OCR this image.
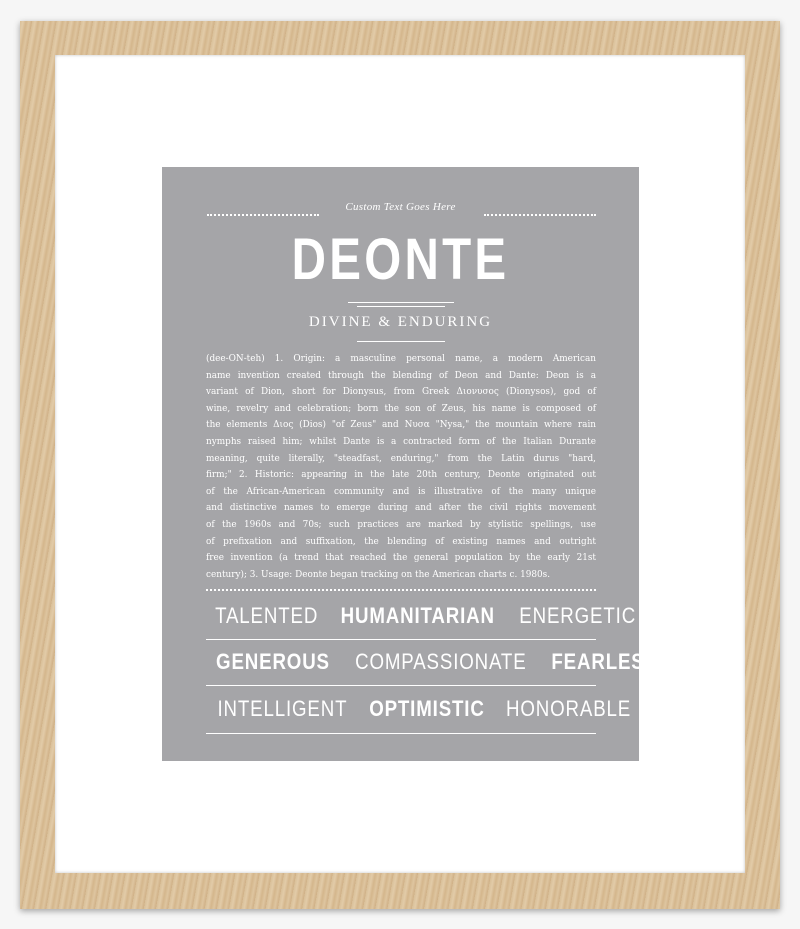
Custom Text Goes Here
DEONTE
DIVINE & ENDURING
(dee-ON-teh) 1. Origin: a masculine personal name, a modern American
name invention created through the blending of Deon and Dante: Deon is a
variant of Dion, short for Dionysus, from Greek Διονυσος (Dionysos), god of
wine, revelry and celebration; born the son of Zeus, his name is composed of
the elements Διος (Dios) "of Zeus" and Νυσα "Nysa," the mountain where rain
nymphs raised him; whilst Dante is a contracted form of the Italian Durante
meaning, quite literally, "steadfast, enduring," from the Latin durus "hard,
firm;" 2. Historic: appearing in the late 20th century, Deonte originated out
of the African-American community and is illustrative of the many unique
and distinctive names to emerge during and after the civil rights movement
of the 1960s and 70s; such practices are marked by stylistic spellings, use
of prefixation and suffixation, the blending of existing names and outright
free invention (a trend that reached the general population by the early 21st
century); 3. Usage: Deonte began tracking on the American charts c. 1980s.
TALENTED HUMANITARIAN ENERGETIC
GENEROUS COMPASSIONATE FEARLESS
INTELLIGENT OPTIMISTIC HONORABLE
